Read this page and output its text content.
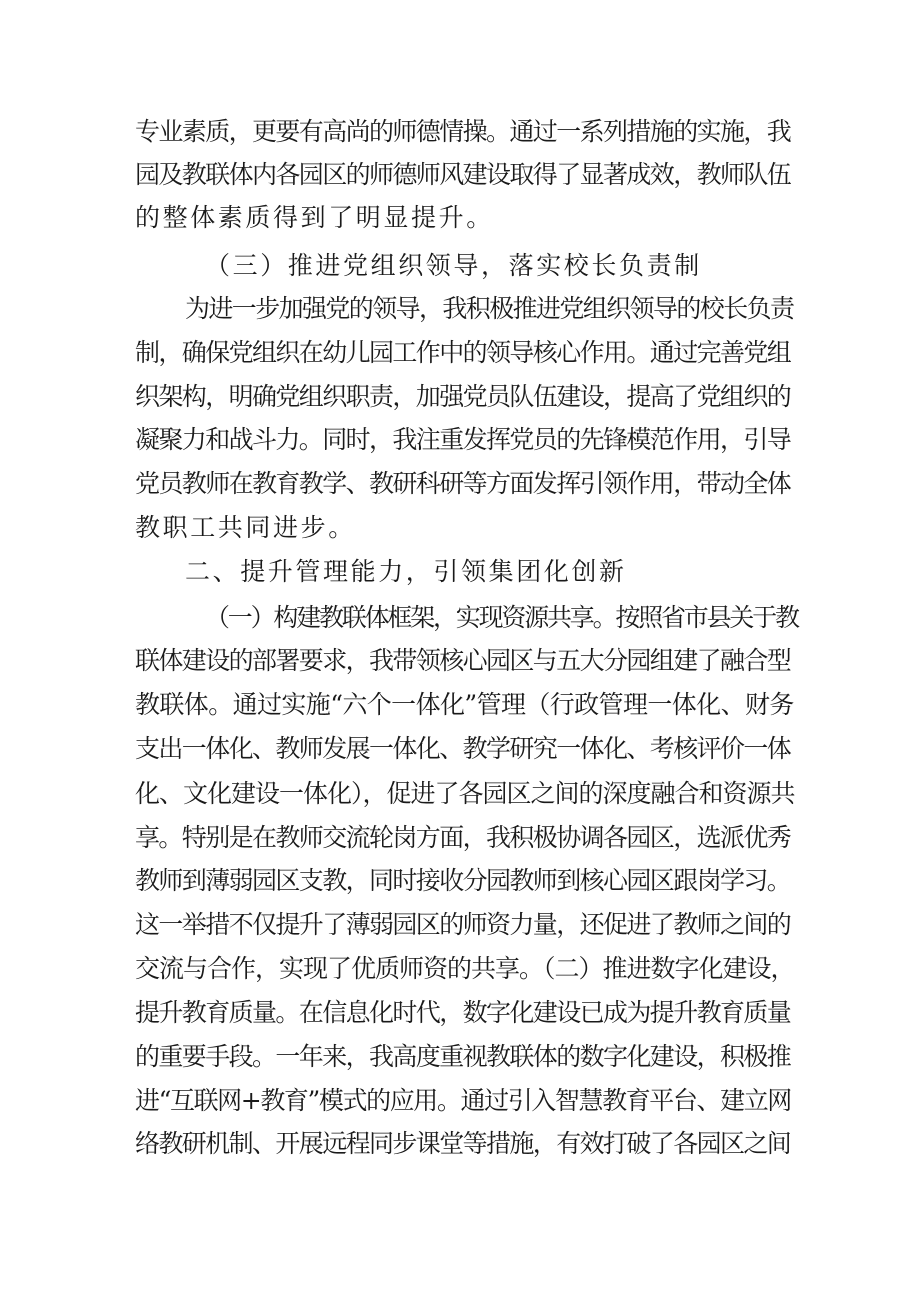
专业素质，更要有高尚的师德情操。通过一系列措施的实施，我
园及教联体内各园区的师德师风建设取得了显著成效，教师队伍
的整体素质得到了明显提升。
（三）推进党组织领导，落实校长负责制
为进一步加强党的领导，我积极推进党组织领导的校长负责
制，确保党组织在幼儿园工作中的领导核心作用。通过完善党组
织架构，明确党组织职责，加强党员队伍建设，提高了党组织的
凝聚力和战斗力。同时，我注重发挥党员的先锋模范作用，引导
党员教师在教育教学、教研科研等方面发挥引领作用，带动全体
教职工共同进步。
二、提升管理能力，引领集团化创新
（一）构建教联体框架，实现资源共享。按照省市县关于教
联体建设的部署要求，我带领核心园区与五大分园组建了融合型
教联体。通过实施“六个一体化”管理（行政管理一体化、财务
支出一体化、教师发展一体化、教学研究一体化、考核评价一体
化、文化建设一体化），促进了各园区之间的深度融合和资源共
享。特别是在教师交流轮岗方面，我积极协调各园区，选派优秀
教师到薄弱园区支教，同时接收分园教师到核心园区跟岗学习。
这一举措不仅提升了薄弱园区的师资力量，还促进了教师之间的
交流与合作，实现了优质师资的共享。（二）推进数字化建设，
提升教育质量。在信息化时代，数字化建设已成为提升教育质量
的重要手段。一年来，我高度重视教联体的数字化建设，积极推
进“互联网+教育”模式的应用。通过引入智慧教育平台、建立网
络教研机制、开展远程同步课堂等措施，有效打破了各园区之间
